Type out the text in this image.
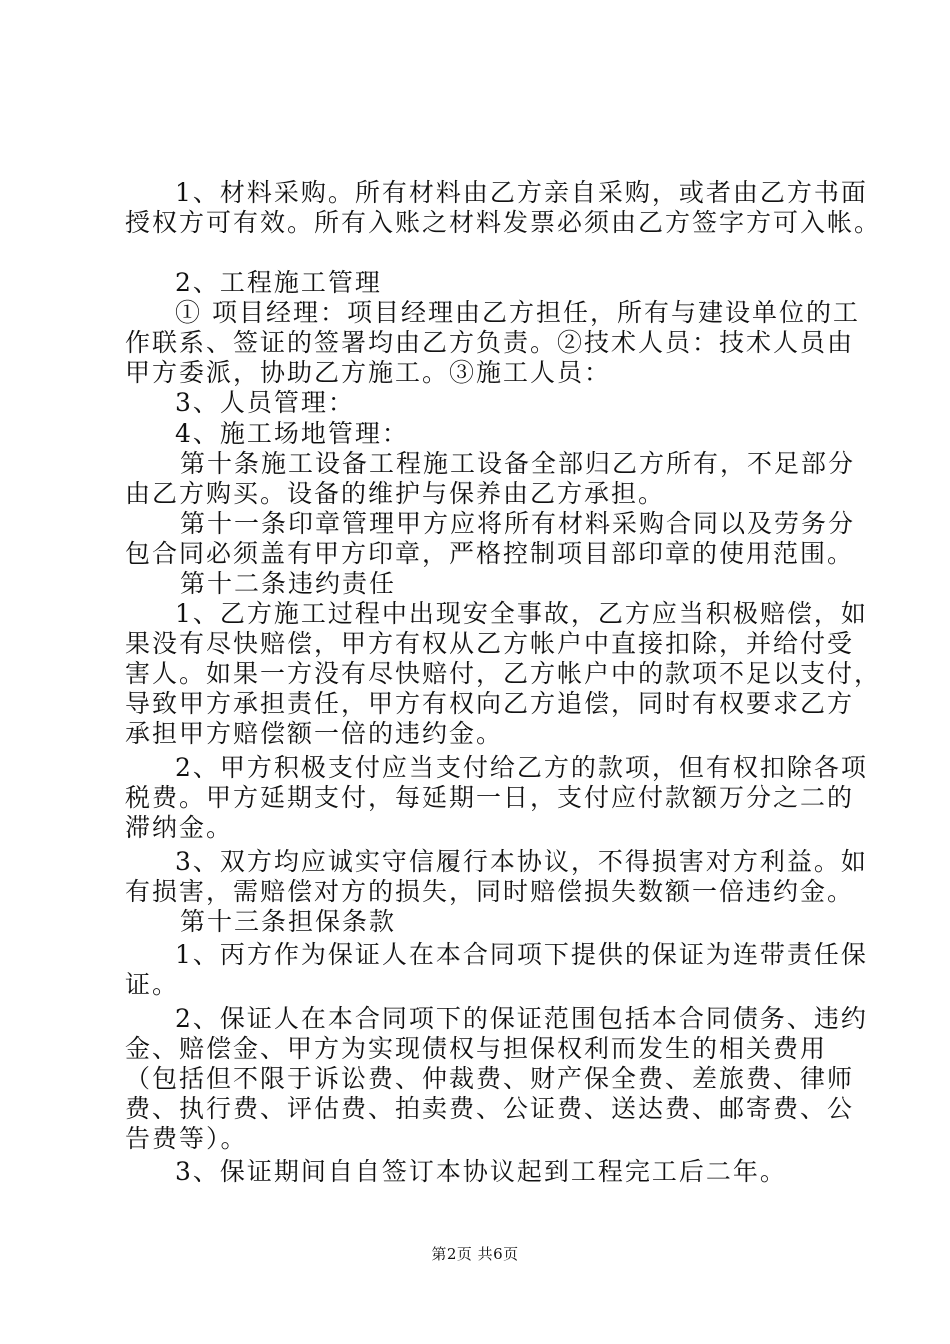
1、材料采购。所有材料由乙方亲自采购，或者由乙方书面
授权方可有效。所有入账之材料发票必须由乙方签字方可入帐。
2、工程施工管理
① 项目经理：项目经理由乙方担任，所有与建设单位的工
作联系、签证的签署均由乙方负责。②技术人员：技术人员由
甲方委派，协助乙方施工。③施工人员：
3、人员管理：
4、施工场地管理：
第十条施工设备工程施工设备全部归乙方所有，不足部分
由乙方购买。设备的维护与保养由乙方承担。
第十一条印章管理甲方应将所有材料采购合同以及劳务分
包合同必须盖有甲方印章，严格控制项目部印章的使用范围。
第十二条违约责任
1、乙方施工过程中出现安全事故，乙方应当积极赔偿，如
果没有尽快赔偿，甲方有权从乙方帐户中直接扣除，并给付受
害人。如果一方没有尽快赔付，乙方帐户中的款项不足以支付，
导致甲方承担责任，甲方有权向乙方追偿，同时有权要求乙方
承担甲方赔偿额一倍的违约金。
2、甲方积极支付应当支付给乙方的款项，但有权扣除各项
税费。甲方延期支付，每延期一日，支付应付款额万分之二的
滞纳金。
3、双方均应诚实守信履行本协议，不得损害对方利益。如
有损害，需赔偿对方的损失，同时赔偿损失数额一倍违约金。
第十三条担保条款
1、丙方作为保证人在本合同项下提供的保证为连带责任保
证。
2、保证人在本合同项下的保证范围包括本合同债务、违约
金、赔偿金、甲方为实现债权与担保权利而发生的相关费用
（包括但不限于诉讼费、仲裁费、财产保全费、差旅费、律师
费、执行费、评估费、拍卖费、公证费、送达费、邮寄费、公
告费等）。
3、保证期间自自签订本协议起到工程完工后二年。
第2页 共6页
